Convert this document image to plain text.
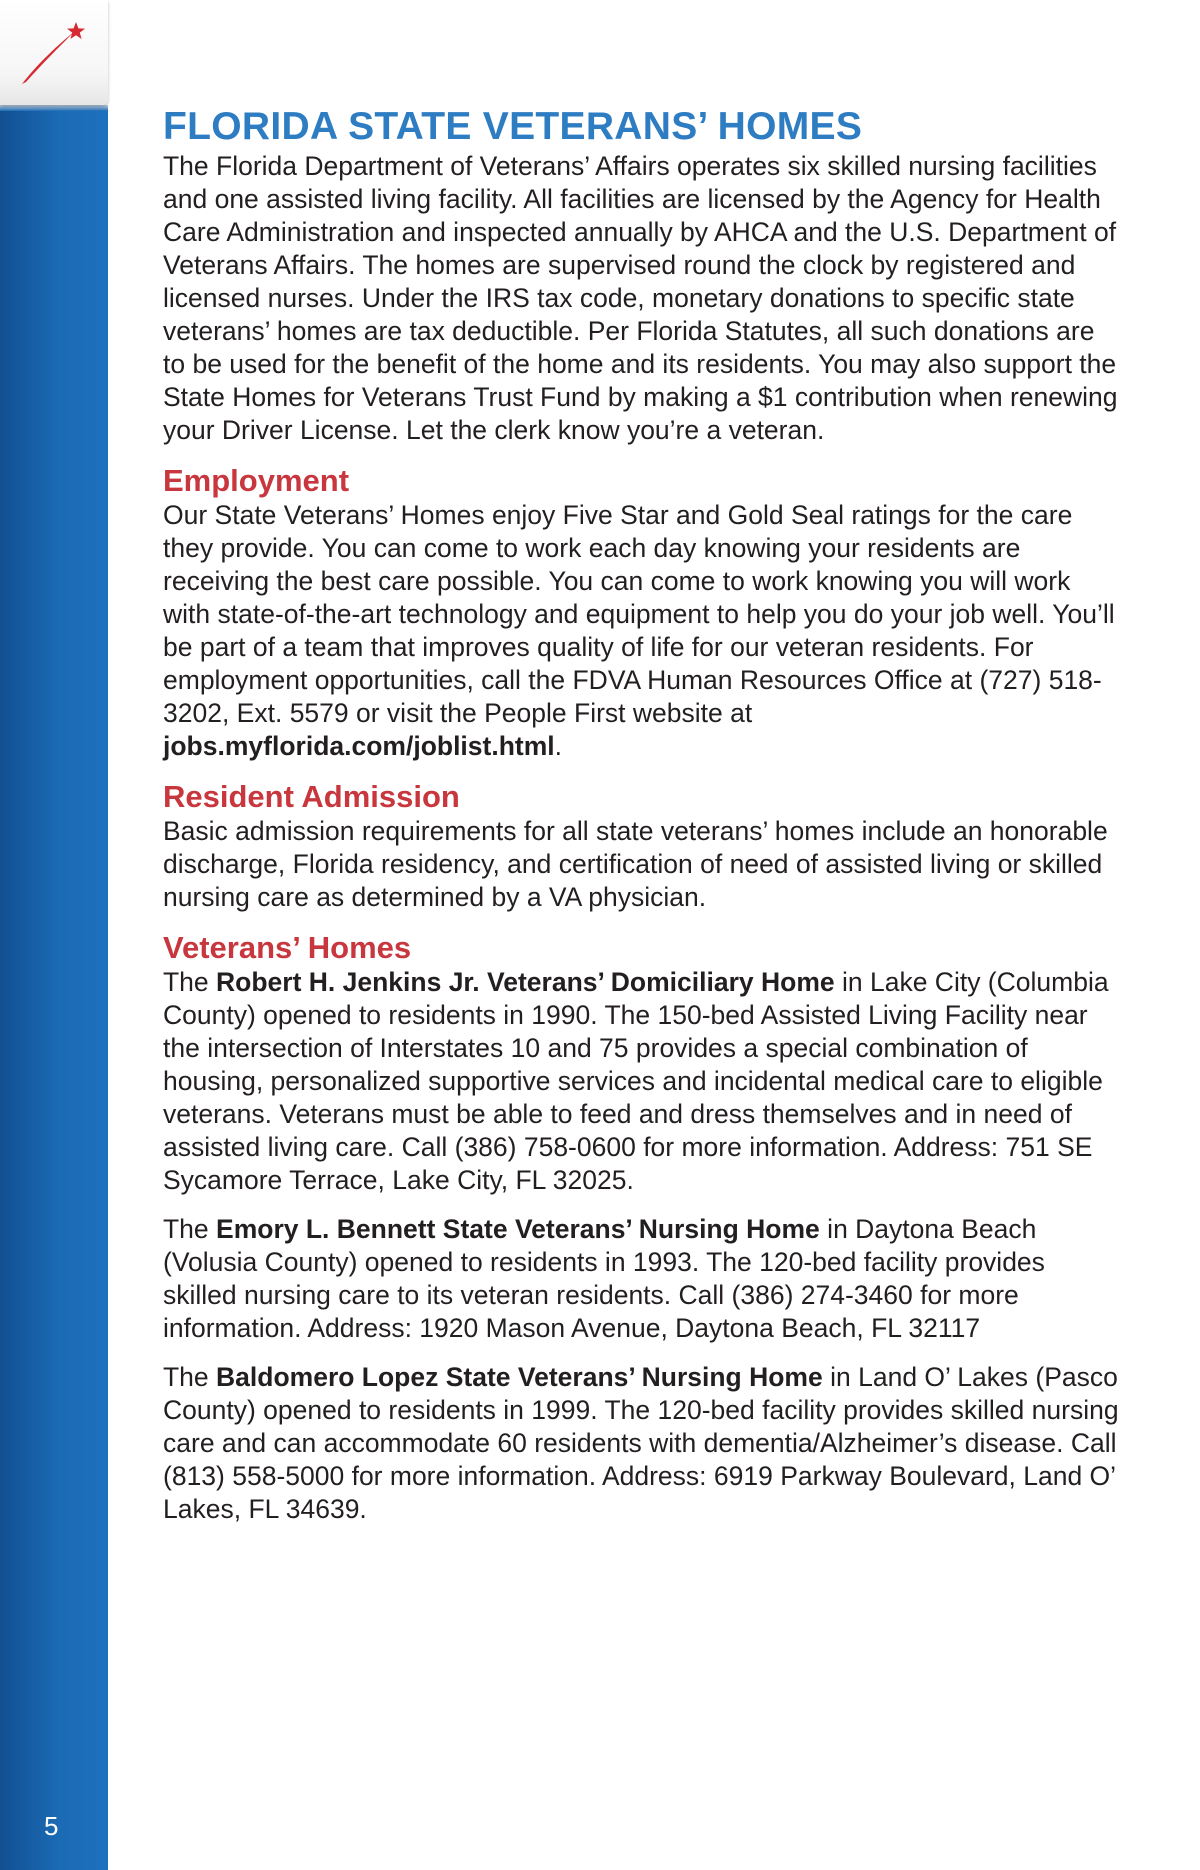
5
FLORIDA STATE VETERANS’ HOMES

The Florida Department of Veterans’ Affairs operates six skilled nursing facilities and one assisted living facility. All facilities are licensed by the Agency for Health Care Administration and inspected annually by AHCA and the U.S. Department of Veterans Affairs. The homes are supervised round the clock by registered and licensed nurses. Under the IRS tax code, monetary donations to specific state veterans’ homes are tax deductible. Per Florida Statutes, all such donations are to be used for the benefit of the home and its residents. You may also support the State Homes for Veterans Trust Fund by making a $1 contribution when renewing your Driver License. Let the clerk know you’re a veteran.

Employment

Our State Veterans’ Homes enjoy Five Star and Gold Seal ratings for the care they provide. You can come to work each day knowing your residents are receiving the best care possible. You can come to work knowing you will work with state-of-the-art technology and equipment to help you do your job well. You’ll be part of a team that improves quality of life for our veteran residents. For employment opportunities, call the FDVA Human Resources Office at (727) 518-3202, Ext. 5579 or visit the People First website at jobs.myflorida.com/joblist.html.

Resident Admission

Basic admission requirements for all state veterans’ homes include an honorable discharge, Florida residency, and certification of need of assisted living or skilled nursing care as determined by a VA physician.

Veterans’ Homes

The Robert H. Jenkins Jr. Veterans’ Domiciliary Home in Lake City (Columbia County) opened to residents in 1990. The 150-bed Assisted Living Facility near the intersection of Interstates 10 and 75 provides a special combination of housing, personalized supportive services and incidental medical care to eligible veterans. Veterans must be able to feed and dress themselves and in need of assisted living care. Call (386) 758-0600 for more information. Address: 751 SE Sycamore Terrace, Lake City, FL 32025.

The Emory L. Bennett State Veterans’ Nursing Home in Daytona Beach (Volusia County) opened to residents in 1993. The 120-bed facility provides skilled nursing care to its veteran residents. Call (386) 274-3460 for more information. Address: 1920 Mason Avenue, Daytona Beach, FL 32117

The Baldomero Lopez State Veterans’ Nursing Home in Land O’ Lakes (Pasco County) opened to residents in 1999. The 120-bed facility provides skilled nursing care and can accommodate 60 residents with dementia/Alzheimer’s disease. Call (813) 558-5000 for more information. Address: 6919 Parkway Boulevard, Land O’ Lakes, FL 34639.
